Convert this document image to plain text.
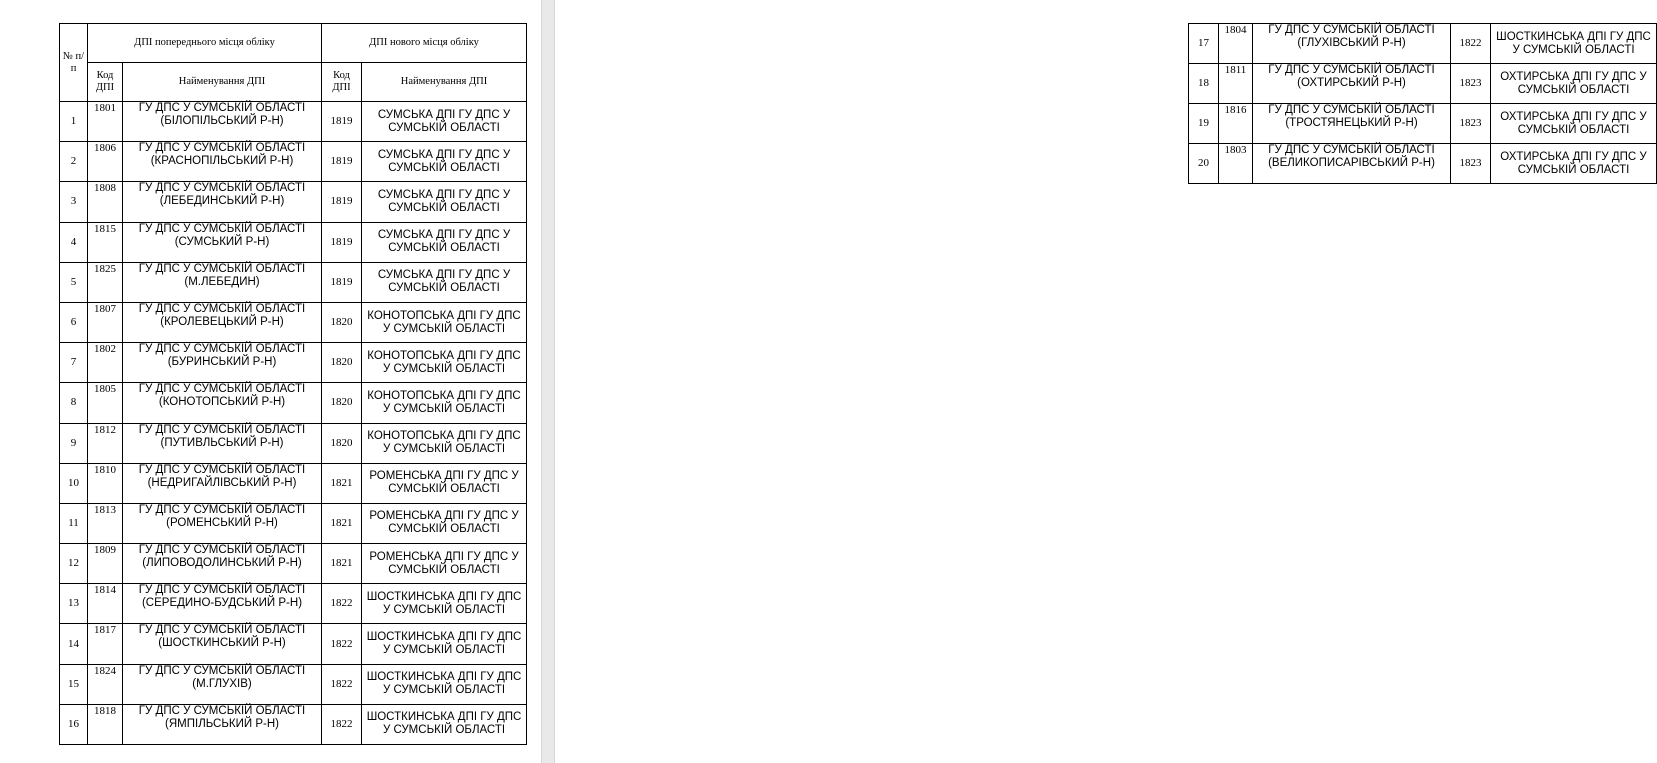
№ п/п	ДПІ попереднього місця обліку		ДПІ нового місця обліку	
	Код ДПІ	Найменування ДПІ	Код ДПІ	Найменування ДПІ
1	1801	ГУ ДПС У СУМСЬКІЙ ОБЛАСТІ (БІЛОПІЛЬСЬКИЙ Р-Н)	1819	СУМСЬКА ДПІ ГУ ДПС У СУМСЬКІЙ ОБЛАСТІ
2	1806	ГУ ДПС У СУМСЬКІЙ ОБЛАСТІ (КРАСНОПІЛЬСЬКИЙ Р-Н)	1819	СУМСЬКА ДПІ ГУ ДПС У СУМСЬКІЙ ОБЛАСТІ
3	1808	ГУ ДПС У СУМСЬКІЙ ОБЛАСТІ (ЛЕБЕДИНСЬКИЙ Р-Н)	1819	СУМСЬКА ДПІ ГУ ДПС У СУМСЬКІЙ ОБЛАСТІ
4	1815	ГУ ДПС У СУМСЬКІЙ ОБЛАСТІ (СУМСЬКИЙ Р-Н)	1819	СУМСЬКА ДПІ ГУ ДПС У СУМСЬКІЙ ОБЛАСТІ
5	1825	ГУ ДПС У СУМСЬКІЙ ОБЛАСТІ (М.ЛЕБЕДИН)	1819	СУМСЬКА ДПІ ГУ ДПС У СУМСЬКІЙ ОБЛАСТІ
6	1807	ГУ ДПС У СУМСЬКІЙ ОБЛАСТІ (КРОЛЕВЕЦЬКИЙ Р-Н)	1820	КОНОТОПСЬКА ДПІ ГУ ДПС У СУМСЬКІЙ ОБЛАСТІ
7	1802	ГУ ДПС У СУМСЬКІЙ ОБЛАСТІ (БУРИНСЬКИЙ Р-Н)	1820	КОНОТОПСЬКА ДПІ ГУ ДПС У СУМСЬКІЙ ОБЛАСТІ
8	1805	ГУ ДПС У СУМСЬКІЙ ОБЛАСТІ (КОНОТОПСЬКИЙ Р-Н)	1820	КОНОТОПСЬКА ДПІ ГУ ДПС У СУМСЬКІЙ ОБЛАСТІ
9	1812	ГУ ДПС У СУМСЬКІЙ ОБЛАСТІ (ПУТИВЛЬСЬКИЙ Р-Н)	1820	КОНОТОПСЬКА ДПІ ГУ ДПС У СУМСЬКІЙ ОБЛАСТІ
10	1810	ГУ ДПС У СУМСЬКІЙ ОБЛАСТІ (НЕДРИГАЙЛІВСЬКИЙ Р-Н)	1821	РОМЕНСЬКА ДПІ ГУ ДПС У СУМСЬКІЙ ОБЛАСТІ
11	1813	ГУ ДПС У СУМСЬКІЙ ОБЛАСТІ (РОМЕНСЬКИЙ Р-Н)	1821	РОМЕНСЬКА ДПІ ГУ ДПС У СУМСЬКІЙ ОБЛАСТІ
12	1809	ГУ ДПС У СУМСЬКІЙ ОБЛАСТІ (ЛИПОВОДОЛИНСЬКИЙ Р-Н)	1821	РОМЕНСЬКА ДПІ ГУ ДПС У СУМСЬКІЙ ОБЛАСТІ
13	1814	ГУ ДПС У СУМСЬКІЙ ОБЛАСТІ (СЕРЕДИНО-БУДСЬКИЙ Р-Н)	1822	ШОСТКИНСЬКА ДПІ ГУ ДПС У СУМСЬКІЙ ОБЛАСТІ
14	1817	ГУ ДПС У СУМСЬКІЙ ОБЛАСТІ (ШОСТКИНСЬКИЙ Р-Н)	1822	ШОСТКИНСЬКА ДПІ ГУ ДПС У СУМСЬКІЙ ОБЛАСТІ
15	1824	ГУ ДПС У СУМСЬКІЙ ОБЛАСТІ (М.ГЛУХІВ)	1822	ШОСТКИНСЬКА ДПІ ГУ ДПС У СУМСЬКІЙ ОБЛАСТІ
16	1818	ГУ ДПС У СУМСЬКІЙ ОБЛАСТІ (ЯМПІЛЬСЬКИЙ Р-Н)	1822	ШОСТКИНСЬКА ДПІ ГУ ДПС У СУМСЬКІЙ ОБЛАСТІ
17	1804	ГУ ДПС У СУМСЬКІЙ ОБЛАСТІ (ГЛУХІВСЬКИЙ Р-Н)	1822	ШОСТКИНСЬКА ДПІ ГУ ДПС У СУМСЬКІЙ ОБЛАСТІ
18	1811	ГУ ДПС У СУМСЬКІЙ ОБЛАСТІ (ОХТИРСЬКИЙ Р-Н)	1823	ОХТИРСЬКА ДПІ ГУ ДПС У СУМСЬКІЙ ОБЛАСТІ
19	1816	ГУ ДПС У СУМСЬКІЙ ОБЛАСТІ (ТРОСТЯНЕЦЬКИЙ Р-Н)	1823	ОХТИРСЬКА ДПІ ГУ ДПС У СУМСЬКІЙ ОБЛАСТІ
20	1803	ГУ ДПС У СУМСЬКІЙ ОБЛАСТІ (ВЕЛИКОПИСАРІВСЬКИЙ Р-Н)	1823	ОХТИРСЬКА ДПІ ГУ ДПС У СУМСЬКІЙ ОБЛАСТІ
